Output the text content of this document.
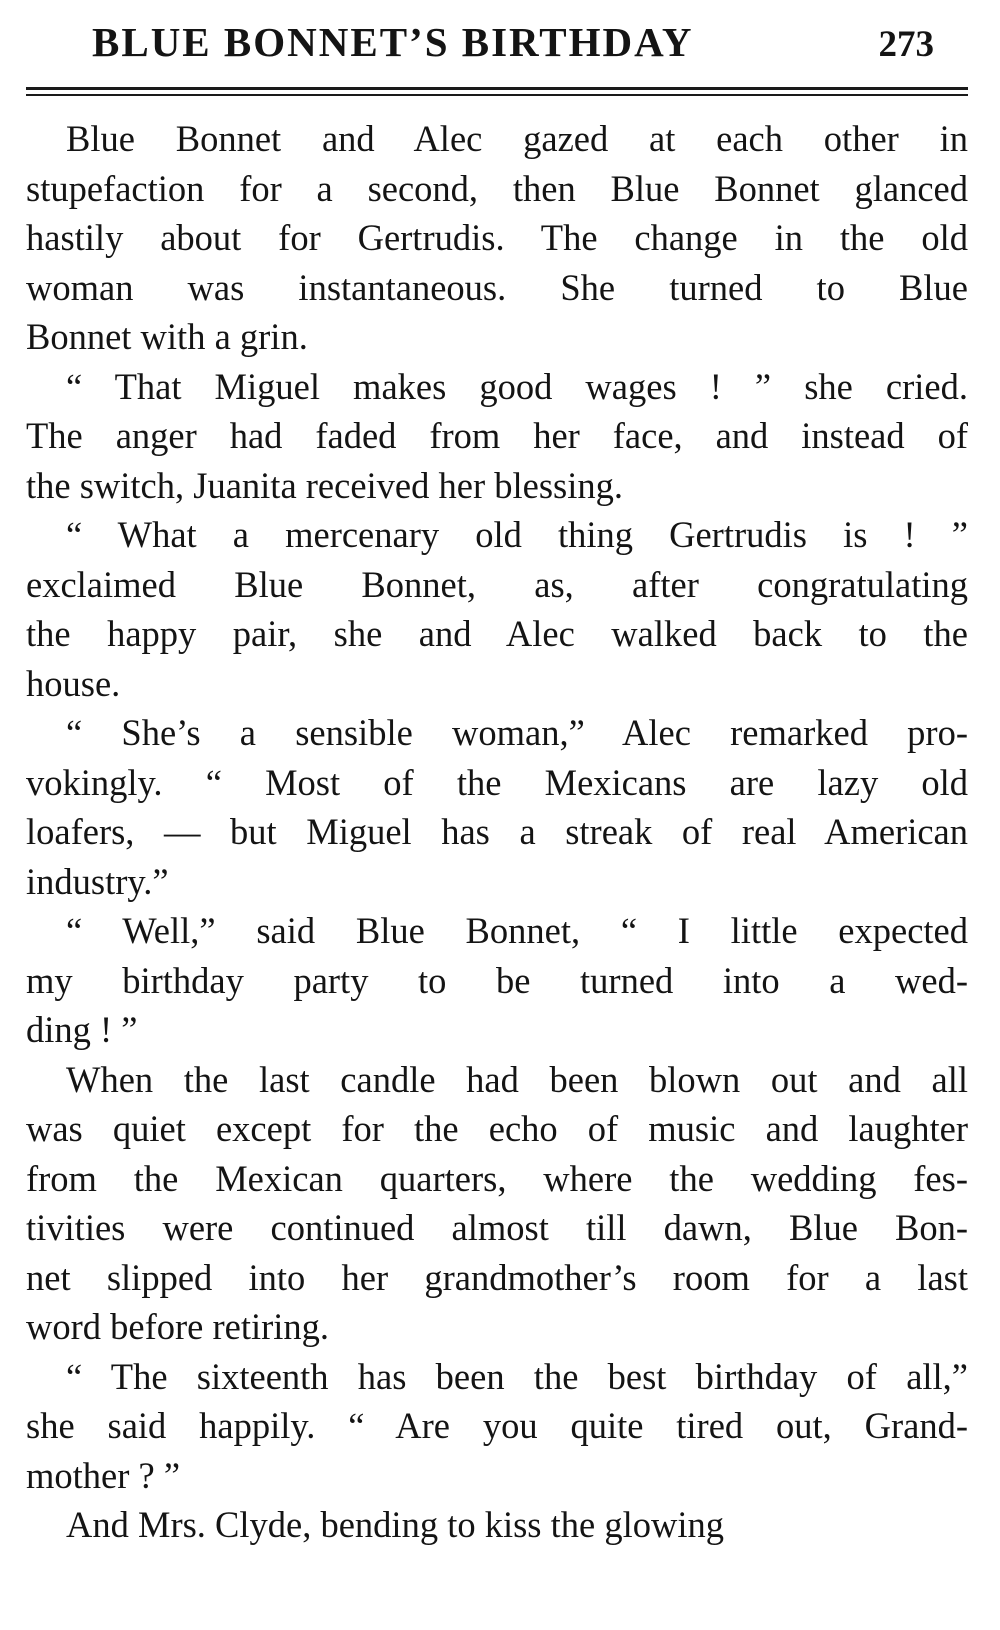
BLUE BONNET’S BIRTHDAY	273

Blue Bonnet and Alec gazed at each other in
stupefaction for a second, then Blue Bonnet glanced
hastily about for Gertrudis. The change in the old
woman was instantaneous. She turned to Blue
Bonnet with a grin.

“ That Miguel makes good wages ! ” she cried.
The anger had faded from her face, and instead of
the switch, Juanita received her blessing.

“ What a mercenary old thing Gertrudis is ! ”
exclaimed Blue Bonnet, as, after congratulating
the happy pair, she and Alec walked back to the
house.

“ She’s a sensible woman,” Alec remarked pro-
vokingly. “ Most of the Mexicans are lazy old
loafers, — but Miguel has a streak of real American
industry.”

“ Well,” said Blue Bonnet, “ I little expected
my birthday party to be turned into a wed-
ding ! ”

When the last candle had been blown out and all
was quiet except for the echo of music and laughter
from the Mexican quarters, where the wedding fes-
tivities were continued almost till dawn, Blue Bon-
net slipped into her grandmother’s room for a last
word before retiring.

“ The sixteenth has been the best birthday of all,”
she said happily. “ Are you quite tired out, Grand-
mother ? ”

And Mrs. Clyde, bending to kiss the glowing
